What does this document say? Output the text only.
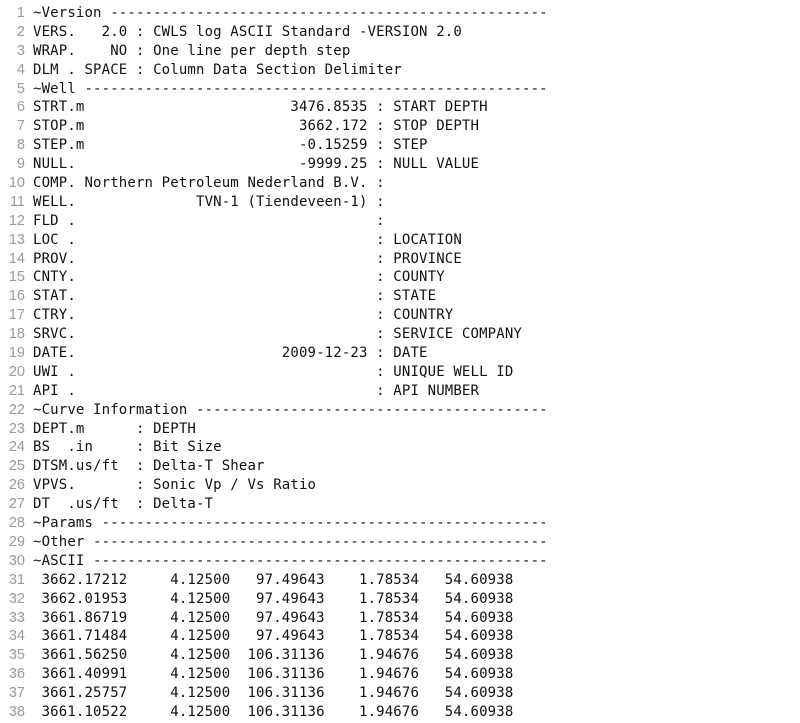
1 ~Version ---------------------------------------------------
2 VERS.   2.0 : CWLS log ASCII Standard -VERSION 2.0
3 WRAP.    NO : One line per depth step
4 DLM . SPACE : Column Data Section Delimiter
5 ~Well ------------------------------------------------------
6 STRT.m                        3476.8535 : START DEPTH
7 STOP.m                         3662.172 : STOP DEPTH
8 STEP.m                         -0.15259 : STEP
9 NULL.                          -9999.25 : NULL VALUE
10 COMP. Northern Petroleum Nederland B.V. :
11 WELL.              TVN-1 (Tiendeveen-1) :
12 FLD .                                   :
13 LOC .                                   : LOCATION
14 PROV.                                   : PROVINCE
15 CNTY.                                   : COUNTY
16 STAT.                                   : STATE
17 CTRY.                                   : COUNTRY
18 SRVC.                                   : SERVICE COMPANY
19 DATE.                        2009-12-23 : DATE
20 UWI .                                   : UNIQUE WELL ID
21 API .                                   : API NUMBER
22 ~Curve Information -----------------------------------------
23 DEPT.m      : DEPTH
24 BS  .in     : Bit Size
25 DTSM.us/ft  : Delta-T Shear
26 VPVS.       : Sonic Vp / Vs Ratio
27 DT  .us/ft  : Delta-T
28 ~Params ----------------------------------------------------
29 ~Other -----------------------------------------------------
30 ~ASCII -----------------------------------------------------
31 3662.17212     4.12500   97.49643    1.78534   54.60938
32 3662.01953     4.12500   97.49643    1.78534   54.60938
33 3661.86719     4.12500   97.49643    1.78534   54.60938
34 3661.71484     4.12500   97.49643    1.78534   54.60938
35 3661.56250     4.12500  106.31136    1.94676   54.60938
36 3661.40991     4.12500  106.31136    1.94676   54.60938
37 3661.25757     4.12500  106.31136    1.94676   54.60938
38 3661.10522     4.12500  106.31136    1.94676   54.60938
